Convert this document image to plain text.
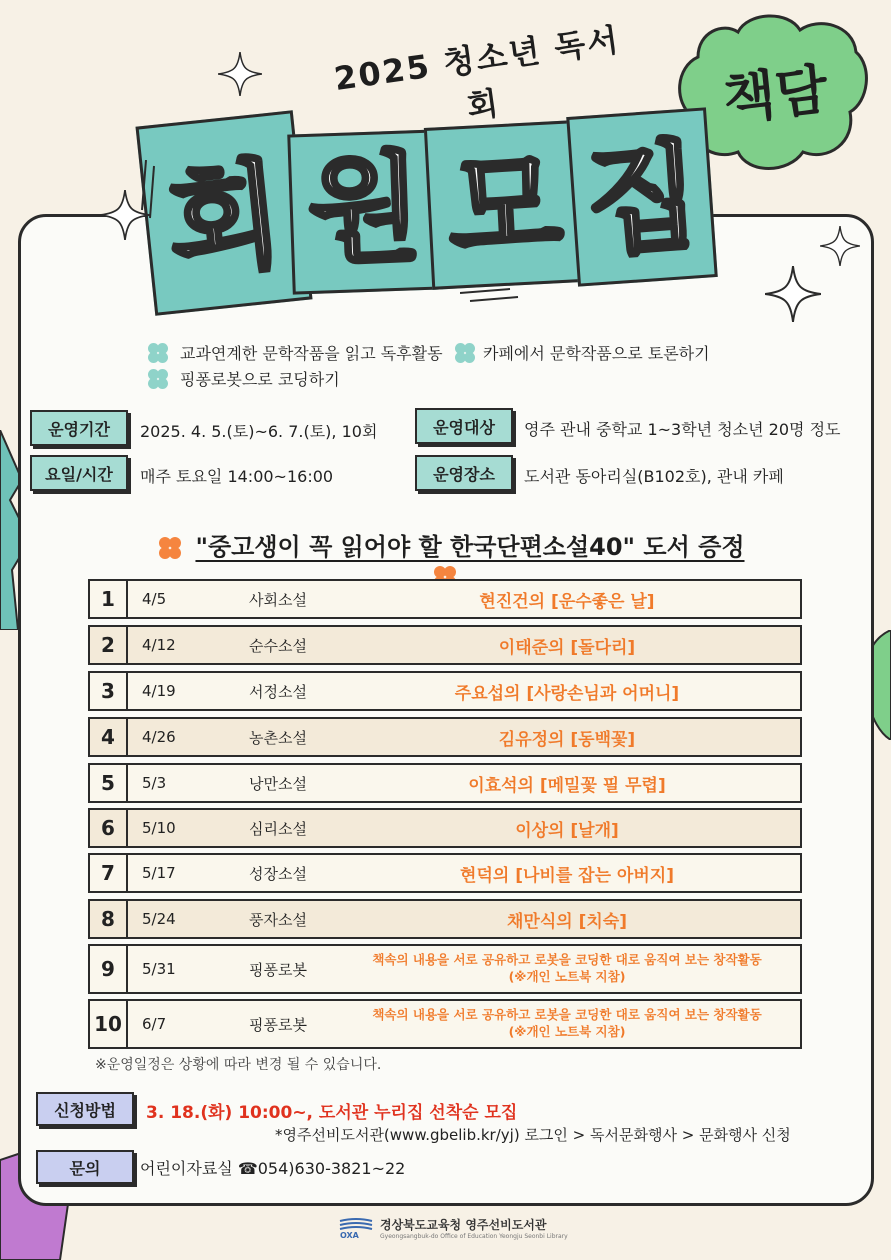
2025 청소년 독서회	책담
회 원 모 집
교과연계한 문학작품을 읽고 독후활동	카페에서 문학작품으로 토론하기
핑퐁로봇으로 코딩하기
운영기간	2025. 4. 5.(토)~6. 7.(토), 10회	운영대상	영주 관내 중학교 1~3학년 청소년 20명 정도
요일/시간	매주 토요일 14:00~16:00	운영장소	도서관 동아리실(B102호), 관내 카페
"중고생이 꼭 읽어야 할 한국단편소설40" 도서 증정
1	4/5	사회소설	현진건의 [운수좋은 날]
2	4/12	순수소설	이태준의 [돌다리]
3	4/19	서정소설	주요섭의 [사랑손님과 어머니]
4	4/26	농촌소설	김유정의 [동백꽃]
5	5/3	낭만소설	이효석의 [메밀꽃 필 무렵]
6	5/10	심리소설	이상의 [날개]
7	5/17	성장소설	현덕의 [나비를 잡는 아버지]
8	5/24	풍자소설	채만식의 [치숙]
9	5/31	핑퐁로봇
책속의 내용을 서로 공유하고 로봇을 코딩한 대로 움직여 보는 창작활동
(※개인 노트북 지참)
10	6/7	핑퐁로봇
책속의 내용을 서로 공유하고 로봇을 코딩한 대로 움직여 보는 창작활동
(※개인 노트북 지참)
※운영일정은 상황에 따라 변경 될 수 있습니다.
신청방법	3. 18.(화) 10:00~, 도서관 누리집 선착순 모집
*영주선비도서관(www.gbelib.kr/yj) 로그인 > 독서문화행사 > 문화행사 신청
문의	어린이자료실 ☎054)630-3821~22
OXA
경상북도교육청 영주선비도서관
Gyeongsangbuk-do Office of Education Yeongju Seonbi Library
